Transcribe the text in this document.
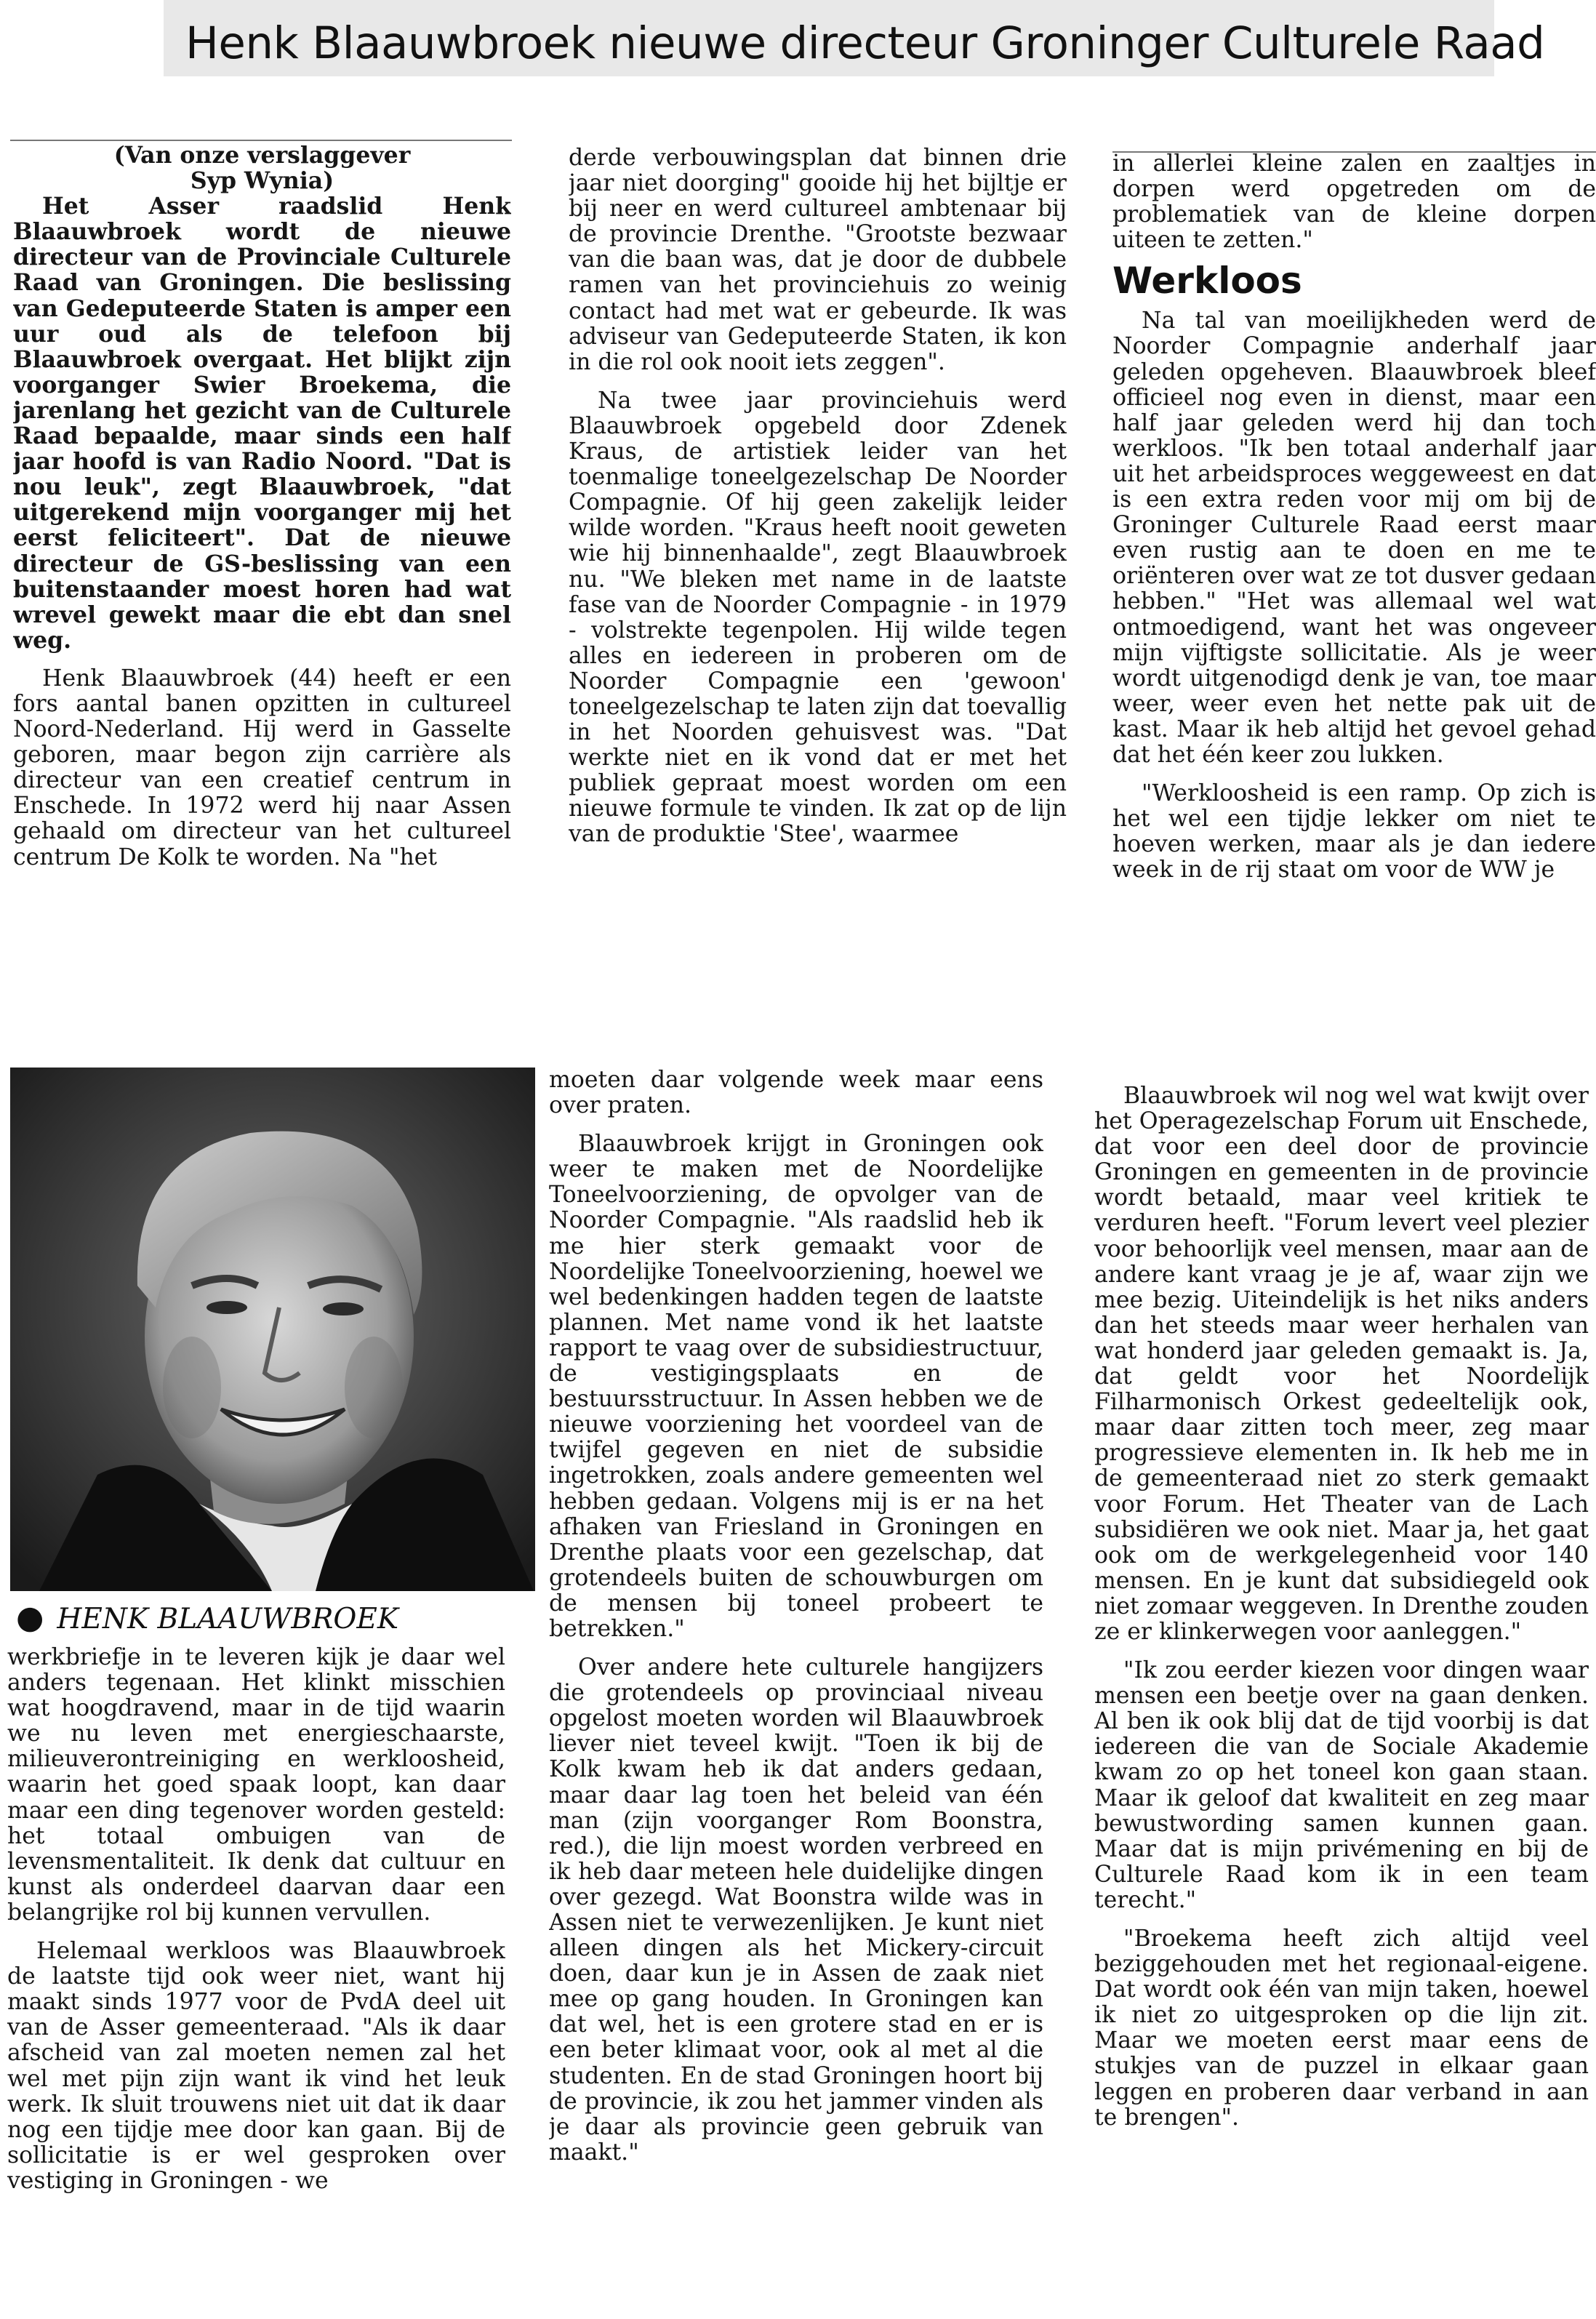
Henk Blaauwbroek nieuwe directeur Groninger Culturele Raad

(Van onze verslaggever

Syp Wynia)

Het Asser raadslid Henk Blaauwbroek wordt de nieuwe directeur van de Provinciale Culturele Raad van Groningen. Die beslissing van Gedeputeerde Staten is amper een uur oud als de telefoon bij Blaauwbroek overgaat. Het blijkt zijn voorganger Swier Broekema, die jarenlang het gezicht van de Culturele Raad bepaalde, maar sinds een half jaar hoofd is van Radio Noord. "Dat is nou leuk", zegt Blaauwbroek, "dat uitgerekend mijn voorganger mij het eerst feliciteert". Dat de nieuwe directeur de GS-beslissing van een buitenstaander moest horen had wat wrevel gewekt maar die ebt dan snel weg.

Henk Blaauwbroek (44) heeft er een fors aantal banen opzitten in cultureel Noord-Nederland. Hij werd in Gasselte geboren, maar begon zijn carrière als directeur van een creatief centrum in Enschede. In 1972 werd hij naar Assen gehaald om directeur van het cultureel centrum De Kolk te worden. Na "het

derde verbouwingsplan dat binnen drie jaar niet doorging" gooide hij het bijltje er bij neer en werd cultureel ambtenaar bij de provincie Drenthe. "Grootste bezwaar van die baan was, dat je door de dubbele ramen van het provinciehuis zo weinig contact had met wat er gebeurde. Ik was adviseur van Gedeputeerde Staten, ik kon in die rol ook nooit iets zeggen".

Na twee jaar provinciehuis werd Blaauwbroek opgebeld door Zdenek Kraus, de artistiek leider van het toenmalige toneelgezelschap De Noorder Compagnie. Of hij geen zakelijk leider wilde worden. "Kraus heeft nooit geweten wie hij binnenhaalde", zegt Blaauwbroek nu. "We bleken met name in de laatste fase van de Noorder Compagnie - in 1979 - volstrekte tegenpolen. Hij wilde tegen alles en iedereen in proberen om de Noorder Compagnie een 'gewoon' toneelgezelschap te laten zijn dat toevallig in het Noorden gehuisvest was. "Dat werkte niet en ik vond dat er met het publiek gepraat moest worden om een nieuwe formule te vinden. Ik zat op de lijn van de produktie 'Stee', waarmee

in allerlei kleine zalen en zaaltjes in dorpen werd opgetreden om de problematiek van de kleine dorpen uiteen te zetten."

Werkloos

Na tal van moeilijkheden werd de Noorder Compagnie anderhalf jaar geleden opgeheven. Blaauwbroek bleef officieel nog even in dienst, maar een half jaar geleden werd hij dan toch werkloos. "Ik ben totaal anderhalf jaar uit het arbeidsproces weggeweest en dat is een extra reden voor mij om bij de Groninger Culturele Raad eerst maar even rustig aan te doen en me te oriënteren over wat ze tot dusver gedaan hebben." "Het was allemaal wel wat ontmoedigend, want het was ongeveer mijn vijftigste sollicitatie. Als je weer wordt uitgenodigd denk je van, toe maar weer, weer even het nette pak uit de kast. Maar ik heb altijd het gevoel gehad dat het één keer zou lukken.

"Werkloosheid is een ramp. Op zich is het wel een tijdje lekker om niet te hoeven werken, maar als je dan iedere week in de rij staat om voor de WW je

● HENK BLAAUWBROEK

werkbriefje in te leveren kijk je daar wel anders tegenaan. Het klinkt misschien wat hoogdravend, maar in de tijd waarin we nu leven met energieschaarste, milieuverontreiniging en werkloosheid, waarin het goed spaak loopt, kan daar maar een ding tegenover worden gesteld: het totaal ombuigen van de levensmentaliteit. Ik denk dat cultuur en kunst als onderdeel daarvan daar een belangrijke rol bij kunnen vervullen.

Helemaal werkloos was Blaauwbroek de laatste tijd ook weer niet, want hij maakt sinds 1977 voor de PvdA deel uit van de Asser gemeenteraad. "Als ik daar afscheid van zal moeten nemen zal het wel met pijn zijn want ik vind het leuk werk. Ik sluit trouwens niet uit dat ik daar nog een tijdje mee door kan gaan. Bij de sollicitatie is er wel gesproken over vestiging in Groningen - we

moeten daar volgende week maar eens over praten.

Blaauwbroek krijgt in Groningen ook weer te maken met de Noordelijke Toneelvoorziening, de opvolger van de Noorder Compagnie. "Als raadslid heb ik me hier sterk gemaakt voor de Noordelijke Toneelvoorziening, hoewel we wel bedenkingen hadden tegen de laatste plannen. Met name vond ik het laatste rapport te vaag over de subsidiestructuur, de vestigingsplaats en de bestuursstructuur. In Assen hebben we de nieuwe voorziening het voordeel van de twijfel gegeven en niet de subsidie ingetrokken, zoals andere gemeenten wel hebben gedaan. Volgens mij is er na het afhaken van Friesland in Groningen en Drenthe plaats voor een gezelschap, dat grotendeels buiten de schouwburgen om de mensen bij toneel probeert te betrekken."

Over andere hete culturele hangijzers die grotendeels op provinciaal niveau opgelost moeten worden wil Blaauwbroek liever niet teveel kwijt. "Toen ik bij de Kolk kwam heb ik dat anders gedaan, maar daar lag toen het beleid van één man (zijn voorganger Rom Boonstra, red.), die lijn moest worden verbreed en ik heb daar meteen hele duidelijke dingen over gezegd. Wat Boonstra wilde was in Assen niet te verwezenlijken. Je kunt niet alleen dingen als het Mickery-circuit doen, daar kun je in Assen de zaak niet mee op gang houden. In Groningen kan dat wel, het is een grotere stad en er is een beter klimaat voor, ook al met al die studenten. En de stad Groningen hoort bij de provincie, ik zou het jammer vinden als je daar als provincie geen gebruik van maakt."

Blaauwbroek wil nog wel wat kwijt over het Operagezelschap Forum uit Enschede, dat voor een deel door de provincie Groningen en gemeenten in de provincie wordt betaald, maar veel kritiek te verduren heeft. "Forum levert veel plezier voor behoorlijk veel mensen, maar aan de andere kant vraag je je af, waar zijn we mee bezig. Uiteindelijk is het niks anders dan het steeds maar weer herhalen van wat honderd jaar geleden gemaakt is. Ja, dat geldt voor het Noordelijk Filharmonisch Orkest gedeeltelijk ook, maar daar zitten toch meer, zeg maar progressieve elementen in. Ik heb me in de gemeenteraad niet zo sterk gemaakt voor Forum. Het Theater van de Lach subsidiëren we ook niet. Maar ja, het gaat ook om de werkgelegenheid voor 140 mensen. En je kunt dat subsidiegeld ook niet zomaar weggeven. In Drenthe zouden ze er klinkerwegen voor aanleggen."

"Ik zou eerder kiezen voor dingen waar mensen een beetje over na gaan denken. Al ben ik ook blij dat de tijd voorbij is dat iedereen die van de Sociale Akademie kwam zo op het toneel kon gaan staan. Maar ik geloof dat kwaliteit en zeg maar bewustwording samen kunnen gaan. Maar dat is mijn privémening en bij de Culturele Raad kom ik in een team terecht."

"Broekema heeft zich altijd veel beziggehouden met het regionaal-eigene. Dat wordt ook één van mijn taken, hoewel ik niet zo uitgesproken op die lijn zit. Maar we moeten eerst maar eens de stukjes van de puzzel in elkaar gaan leggen en proberen daar verband in aan te brengen".
